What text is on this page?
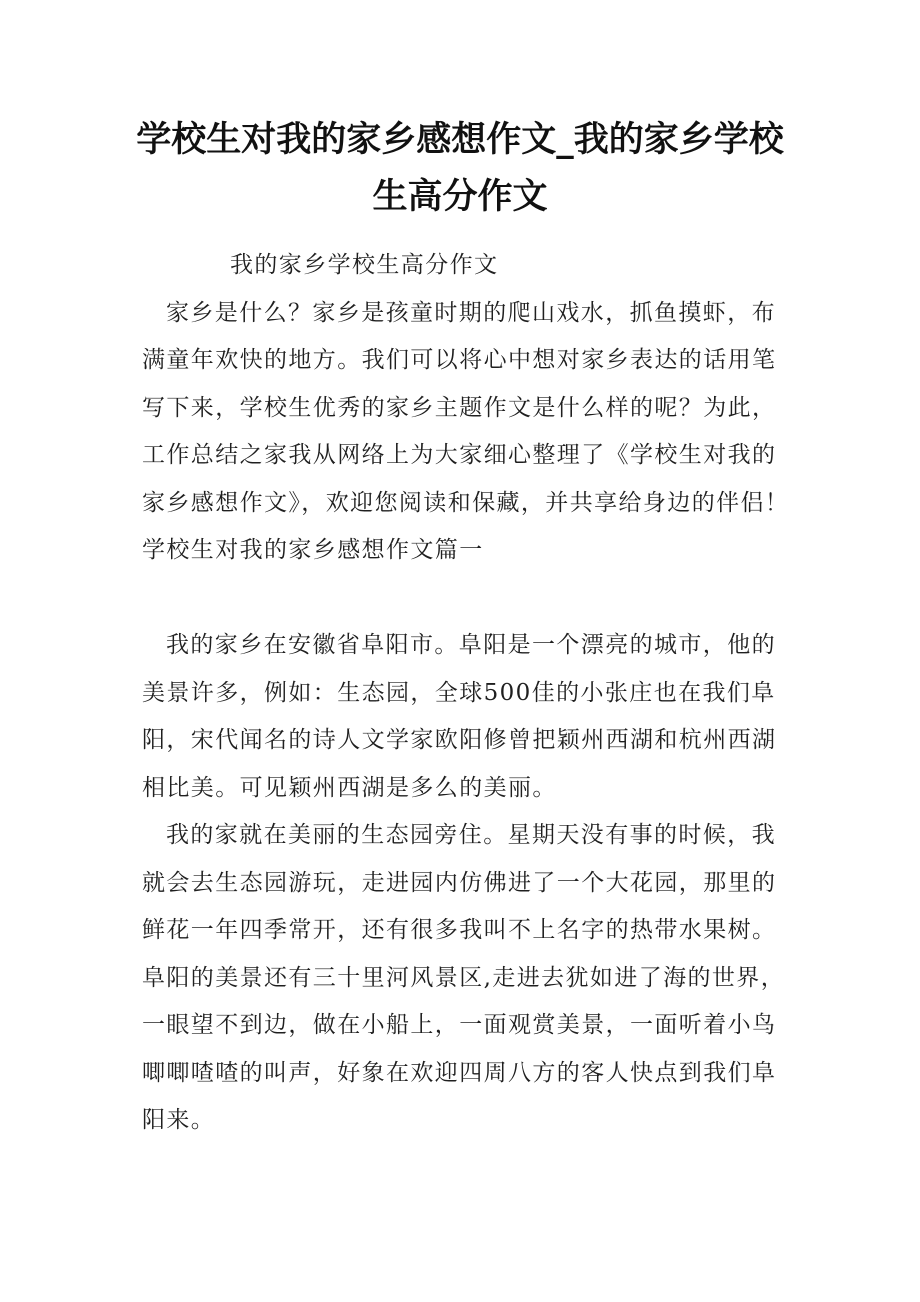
学校生对我的家乡感想作文_我的家乡学校
生高分作文
我的家乡学校生高分作文
家乡是什么？家乡是孩童时期的爬山戏水，抓鱼摸虾，布
满童年欢快的地方。我们可以将心中想对家乡表达的话用笔
写下来，学校生优秀的家乡主题作文是什么样的呢？为此，
工作总结之家我从网络上为大家细心整理了《学校生对我的
家乡感想作文》，欢迎您阅读和保藏，并共享给身边的伴侣！
学校生对我的家乡感想作文篇一
我的家乡在安徽省阜阳市。阜阳是一个漂亮的城市，他的
美景许多，例如：生态园，全球500佳的小张庄也在我们阜
阳，宋代闻名的诗人文学家欧阳修曾把颖州西湖和杭州西湖
相比美。可见颖州西湖是多么的美丽。
我的家就在美丽的生态园旁住。星期天没有事的时候，我
就会去生态园游玩，走进园内仿佛进了一个大花园，那里的
鲜花一年四季常开，还有很多我叫不上名字的热带水果树。
阜阳的美景还有三十里河风景区,走进去犹如进了海的世界，
一眼望不到边，做在小船上，一面观赏美景，一面听着小鸟
唧唧喳喳的叫声，好象在欢迎四周八方的客人快点到我们阜
阳来。
